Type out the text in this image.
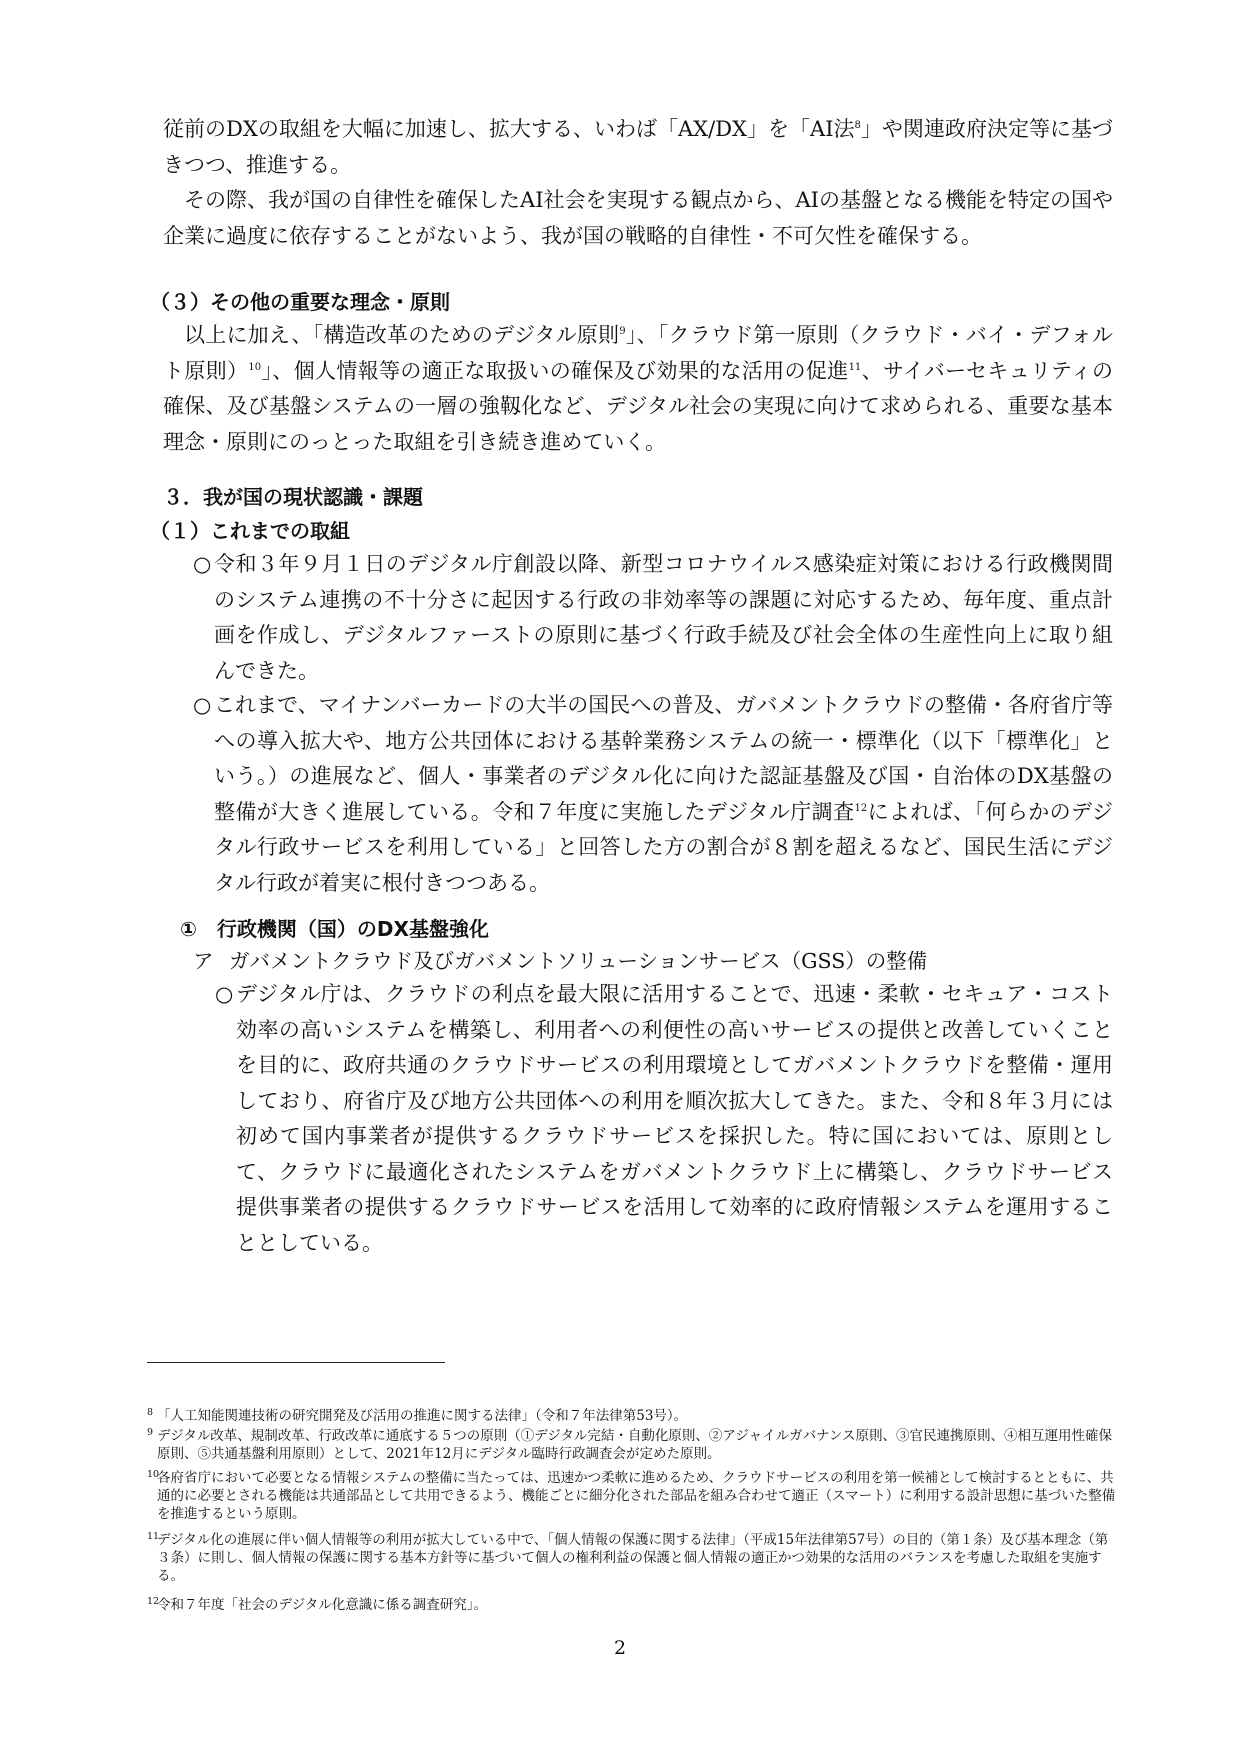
従前のDXの取組を大幅に加速し、拡大する、いわば「AX/DX」を「AI法$^8$」や関連政府決定等に基づきつつ、推進する。

その際、我が国の自律性を確保したAI社会を実現する観点から、AIの基盤となる機能を特定の国や企業に過度に依存することがないよう、我が国の戦略的自律性・不可欠性を確保する。

（３）その他の重要な理念・原則

以上に加え、「構造改革のためのデジタル原則$^9$」、「クラウド第一原則（クラウド・バイ・デフォルト原則）$^{10}$」、個人情報等の適正な取扱いの確保及び効果的な活用の促進$^{11}$、サイバーセキュリティの確保、及び基盤システムの一層の強靱化など、デジタル社会の実現に向けて求められる、重要な基本理念・原則にのっとった取組を引き続き進めていく。

３．我が国の現状認識・課題
（１）これまでの取組
○ 令和３年９月１日のデジタル庁創設以降、新型コロナウイルス感染症対策における行政機関間のシステム連携の不十分さに起因する行政の非効率等の課題に対応するため、毎年度、重点計画を作成し、デジタルファーストの原則に基づく行政手続及び社会全体の生産性向上に取り組んできた。
○ これまで、マイナンバーカードの大半の国民への普及、ガバメントクラウドの整備・各府省庁等への導入拡大や、地方公共団体における基幹業務システムの統一・標準化（以下「標準化」という。）の進展など、個人・事業者のデジタル化に向けた認証基盤及び国・自治体のDX基盤の整備が大きく進展している。令和７年度に実施したデジタル庁調査$^{12}$によれば、「何らかのデジタル行政サービスを利用している」と回答した方の割合が８割を超えるなど、国民生活にデジタル行政が着実に根付きつつある。
①　行政機関（国）のDX基盤強化

ア ガバメントクラウド及びガバメントソリューションサービス（GSS）の整備

○ デジタル庁は、クラウドの利点を最大限に活用することで、迅速・柔軟・セキュア・コスト効率の高いシステムを構築し、利用者への利便性の高いサービスの提供と改善していくことを目的に、政府共通のクラウドサービスの利用環境としてガバメントクラウドを整備・運用しており、府省庁及び地方公共団体への利用を順次拡大してきた。また、令和８年３月には初めて国内事業者が提供するクラウドサービスを採択した。特に国においては、原則として、クラウドに最適化されたシステムをガバメントクラウド上に構築し、クラウドサービス提供事業者の提供するクラウドサービスを活用して効率的に政府情報システムを運用することとしている。
8 「人工知能関連技術の研究開発及び活用の推進に関する法律」（令和７年法律第53号）。
9 デジタル改革、規制改革、行政改革に通底する５つの原則（①デジタル完結・自動化原則、②アジャイルガバナンス原則、③官民連携原則、④相互運用性確保原則、⑤共通基盤利用原則）として、2021年12月にデジタル臨時行政調査会が定めた原則。
10
各府省庁において必要となる情報システムの整備に当たっては、迅速かつ柔軟に進めるため、クラウドサービスの利用を第一候補として検討するとともに、共通的に必要とされる機能は共通部品として共用できるよう、機能ごとに細分化された部品を組み合わせて適正（スマート）に利用する設計思想に基づいた整備を推進するという原則。
11
デジタル化の進展に伴い個人情報等の利用が拡大している中で、「個人情報の保護に関する法律」（平成15年法律第57号）の目的（第１条）及び基本理念（第３条）に則し、個人情報の保護に関する基本方針等に基づいて個人の権利利益の保護と個人情報の適正かつ効果的な活用のバランスを考慮した取組を実施する。
12
令和７年度「社会のデジタル化意識に係る調査研究」。
2
